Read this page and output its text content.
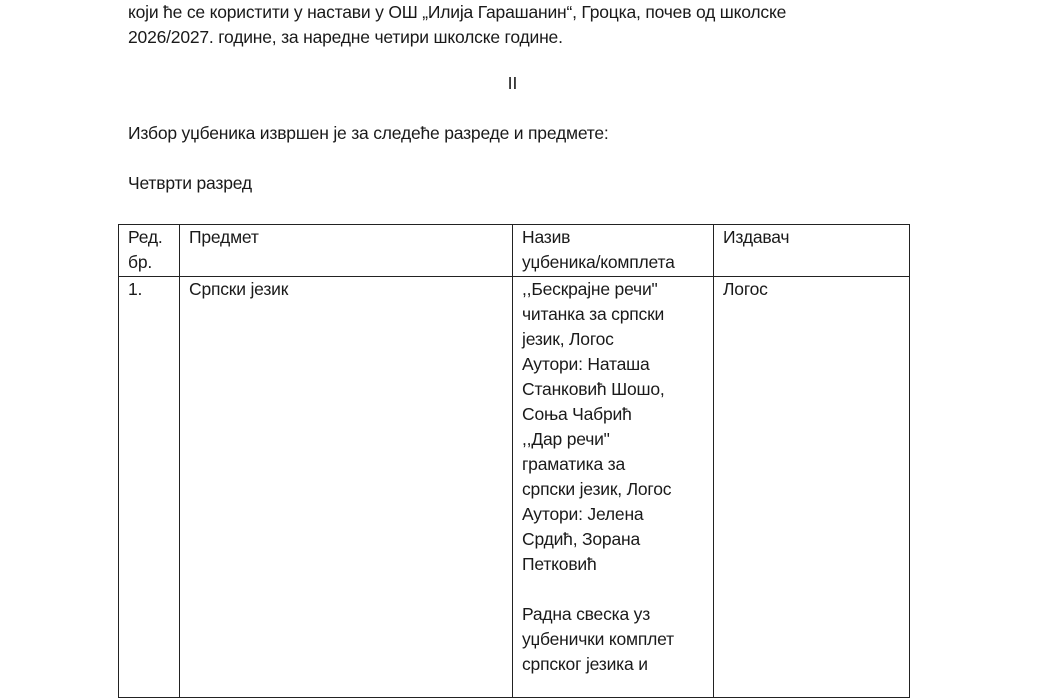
који ће се користити у настави у ОШ „Илија Гарашанин“, Гроцка, почев од школске
2026/2027. године, за наредне четири школске године.
II
Избор уџбеника извршен је за следеће разреде и предмете:
Четврти разред
Ред.
бр.	Предмет	Назив
уџбеника/комплета	Издавач

1.	Српски језик	,,Бескрајне речи"
читанка за српски
језик, Логос
Аутори: Наташа
Станковић Шошо,
Соња Чабрић
,,Дар речи"
граматика за
српски језик, Логос
Аутори: Јелена
Срдић, Зорана
Петковић
Радна свеска уз
уџбенички комплет
српског језика и

Логос
